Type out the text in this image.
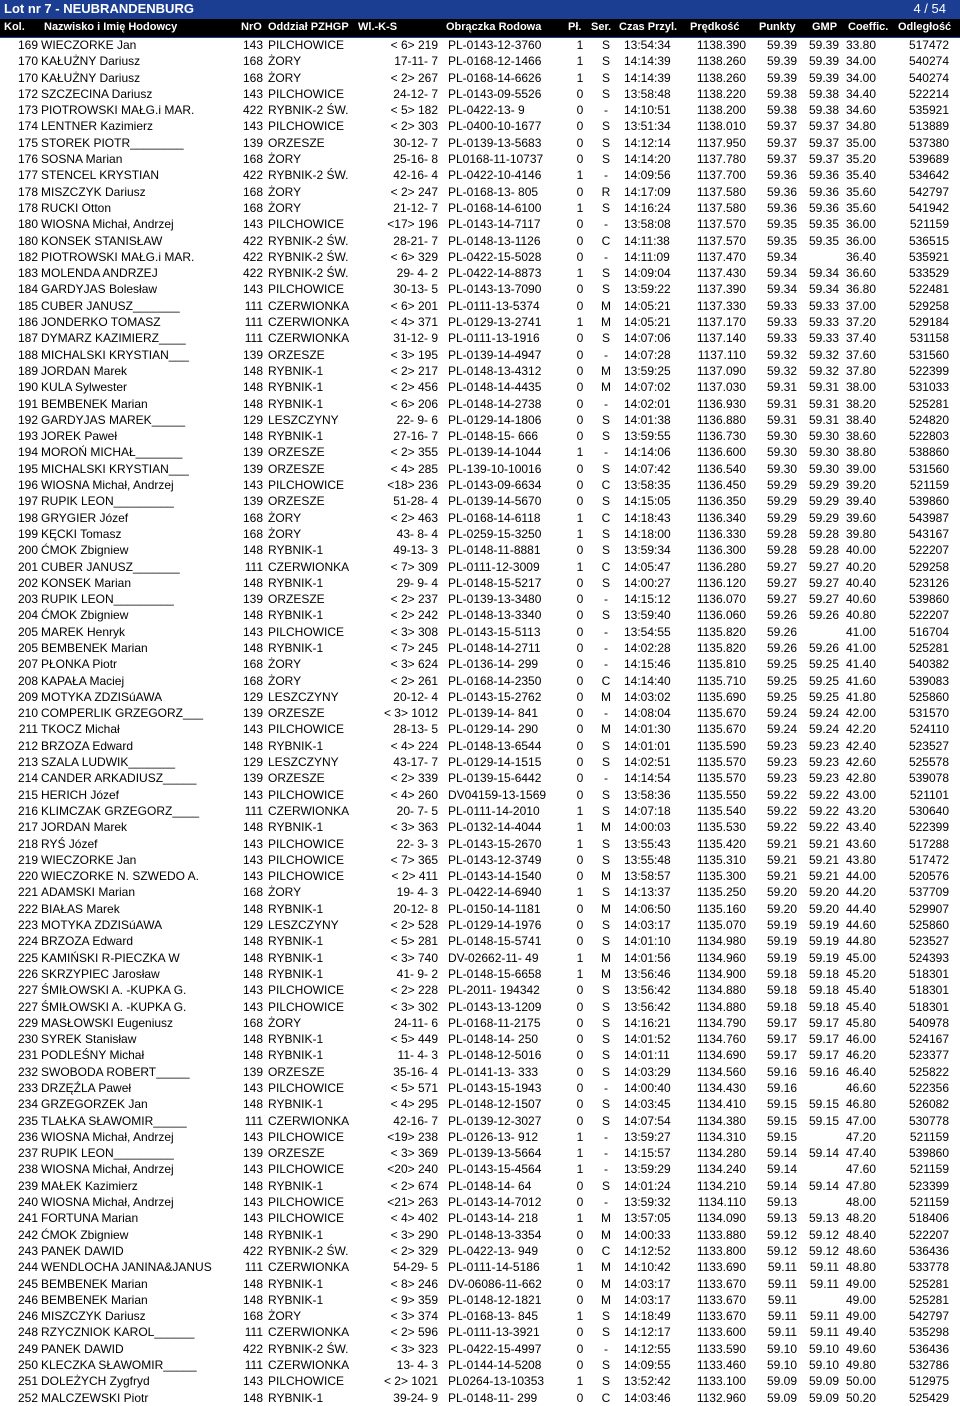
Lot nr 7 - NEUBRANDENBURG	4 / 54
Kol. Nazwisko i Imię Hodowcy	NrO Oddział PZHGP Wl.-K-S	Obrączka Rodowa Pł. Ser. Czas Przyl. Prędkość Punkty GMP Coeffic. Odległość
169 WIECZORKE Jan	143 PILCHOWICE	< 6> 219 PL-0143-12-3760	1 S 13:54:34	1138.390	59.39 59.39 33.80	517472
170 KAŁUŻNY Dariusz	168 ŻORY	17-11- 7 PL-0168-12-1466	1 S 14:14:39	1138.260	59.39 59.39 34.00	540274
170 KAŁUŻNY Dariusz	168 ŻORY	< 2> 267 PL-0168-14-6626	1 S 14:14:39	1138.260	59.39 59.39 34.00	540274
172 SZCZECINA Dariusz	143 PILCHOWICE	24-12- 7 PL-0143-09-5526	0 S 13:58:48	1138.220	59.38 59.38 34.40	522214
173 PIOTROWSKI MAŁG.i MAR.	422 RYBNIK-2 ŚW.	< 5> 182 PL-0422-13- 9	0	-	14:10:51	1138.200	59.38 59.38 34.60	535921
174 LENTNER Kazimierz	143 PILCHOWICE	< 2> 303 PL-0400-10-1677	0 S 13:51:34	1138.010	59.37 59.37 34.80	513889
175 STOREK PIOTR________	139 ORZESZE	30-12- 7 PL-0139-13-5683	0 S 14:12:14	1137.950	59.37 59.37 35.00	537380
176 SOSNA Marian	168 ŻORY	25-16- 8 PL0168-11-10737	0 S 14:14:20	1137.780	59.37 59.37 35.20	539689
177 STENCEL KRYSTIAN	422 RYBNIK-2 ŚW.	42-16- 4 PL-0422-10-4146	1	-	14:09:56	1137.700	59.36 59.36 35.40	534642
178 MISZCZYK Dariusz	168 ŻORY	< 2> 247 PL-0168-13- 805	0 R 14:17:09	1137.580	59.36 59.36 35.60	542797
178 RUCKI Otton	168 ŻORY	21-12- 7 PL-0168-14-6100	1 S 14:16:24	1137.580	59.36 59.36 35.60	541942
180 WIOSNA Michał, Andrzej	143 PILCHOWICE	<17> 196 PL-0143-14-7117	0	-	13:58:08	1137.570	59.35 59.35 36.00	521159
180 KONSEK STANISŁAW	422 RYBNIK-2 ŚW.	28-21- 7 PL-0148-13-1126	0 C 14:11:38	1137.570	59.35 59.35 36.00	536515
182 PIOTROWSKI MAŁG.i MAR.	422 RYBNIK-2 ŚW.	< 6> 329 PL-0422-15-5028	0	-	14:11:09	1137.470	59.34	36.40	535921
183 MOLENDA ANDRZEJ	422 RYBNIK-2 ŚW.	29- 4- 2 PL-0422-14-8873	1 S 14:09:04	1137.430	59.34 59.34 36.60	533529
184 GARDYJAS Bolesław	143 PILCHOWICE	30-13- 5 PL-0143-13-7090	0 S 13:59:22	1137.390	59.34 59.34 36.80	522481
185 CUBER JANUSZ_______	111 CZERWIONKA	< 6> 201 PL-0111-13-5374	0 M 14:05:21	1137.330	59.33 59.33 37.00	529258
186 JONDERKO TOMASZ	111 CZERWIONKA	< 4> 371 PL-0129-13-2741	1 M 14:05:21	1137.170	59.33 59.33 37.20	529184
187 DYMARZ KAZIMIERZ____	111 CZERWIONKA	31-12- 9 PL-0111-13-1916	0 S 14:07:06	1137.140	59.33 59.33 37.40	531158
188 MICHALSKI KRYSTIAN___	139 ORZESZE	< 3> 195 PL-0139-14-4947	0	-	14:07:28	1137.110	59.32 59.32 37.60	531560
189 JORDAN Marek	148 RYBNIK-1	< 2> 217 PL-0148-13-4312	0 M 13:59:25	1137.090	59.32 59.32 37.80	522399
190 KULA Sylwester	148 RYBNIK-1	< 2> 456 PL-0148-14-4435	0 M 14:07:02	1137.030	59.31 59.31 38.00	531033
191 BEMBENEK Marian	148 RYBNIK-1	< 6> 206 PL-0148-14-2738	0	-	14:02:01	1136.930	59.31 59.31 38.20	525281
192 GARDYJAS MAREK_____	129 LESZCZYNY	22- 9- 6 PL-0129-14-1806	0 S 14:01:38	1136.880	59.31 59.31 38.40	524820
193 JOREK Paweł	148 RYBNIK-1	27-16- 7 PL-0148-15- 666	0 S 13:59:55	1136.730	59.30 59.30 38.60	522803
194 MOROŃ MICHAŁ_______	139 ORZESZE	< 2> 355 PL-0139-14-1044	1	-	14:14:06	1136.600	59.30 59.30 38.80	538860
195 MICHALSKI KRYSTIAN___	139 ORZESZE	< 4> 285 PL-139-10-10016	0 S 14:07:42	1136.540	59.30 59.30 39.00	531560
196 WIOSNA Michał, Andrzej	143 PILCHOWICE	<18> 236 PL-0143-09-6634	0 C 13:58:35	1136.450	59.29 59.29 39.20	521159
197 RUPIK LEON_________	139 ORZESZE	51-28- 4 PL-0139-14-5670	0 S 14:15:05	1136.350	59.29 59.29 39.40	539860
198 GRYGIER Józef	168 ŻORY	< 2> 463 PL-0168-14-6118	1 C 14:18:43	1136.340	59.29 59.29 39.60	543987
199 KĘCKI Tomasz	168 ŻORY	43- 8- 4 PL-0259-15-3250	1 S 14:18:00	1136.330	59.28 59.28 39.80	543167
200 ĆMOK Zbigniew	148 RYBNIK-1	49-13- 3 PL-0148-11-8881	0 S 13:59:34	1136.300	59.28 59.28 40.00	522207
201 CUBER JANUSZ_______	111 CZERWIONKA	< 7> 309 PL-0111-12-3009	1 C 14:05:47	1136.280	59.27 59.27 40.20	529258
202 KONSEK Marian	148 RYBNIK-1	29- 9- 4 PL-0148-15-5217	0 S 14:00:27	1136.120	59.27 59.27 40.40	523126
203 RUPIK LEON_________	139 ORZESZE	< 2> 237 PL-0139-13-3480	0	-	14:15:12	1136.070	59.27 59.27 40.60	539860
204 ĆMOK Zbigniew	148 RYBNIK-1	< 2> 242 PL-0148-13-3340	0 S 13:59:40	1136.060	59.26 59.26 40.80	522207
205 MAREK Henryk	143 PILCHOWICE	< 3> 308 PL-0143-15-5113	0	-	13:54:55	1135.820	59.26	41.00	516704
205 BEMBENEK Marian	148 RYBNIK-1	< 7> 245 PL-0148-14-2711	0	-	14:02:28	1135.820	59.26 59.26 41.00	525281
207 PŁONKA Piotr	168 ŻORY	< 3> 624 PL-0136-14- 299	0	-	14:15:46	1135.810	59.25 59.25 41.40	540382
208 KAPAŁA Maciej	168 ŻORY	< 2> 261 PL-0168-14-2350	0 C 14:14:40	1135.710	59.25 59.25 41.60	539083
209 MOTYKA ZDZISúAWA	129 LESZCZYNY	20-12- 4 PL-0143-15-2762	0 M 14:03:02	1135.690	59.25 59.25 41.80	525860
210 COMPERLIK GRZEGORZ___	139 ORZESZE	< 3> 1012 PL-0139-14- 841	0	-	14:08:04	1135.670	59.24 59.24 42.00	531570
211 TKOCZ Michał	143 PILCHOWICE	28-13- 5 PL-0129-14- 290	0 M 14:01:30	1135.670	59.24 59.24 42.20	524110
212 BRZOZA Edward	148 RYBNIK-1	< 4> 224 PL-0148-13-6544	0 S 14:01:01	1135.590	59.23 59.23 42.40	523527
213 SZALA LUDWIK_______	129 LESZCZYNY	43-17- 7 PL-0129-14-1515	0 S 14:02:51	1135.570	59.23 59.23 42.60	525578
214 CANDER ARKADIUSZ_____	139 ORZESZE	< 2> 339 PL-0139-15-6442	0	-	14:14:54	1135.570	59.23 59.23 42.80	539078
215 HERICH Józef	143 PILCHOWICE	< 4> 260 DV04159-13-1569	0 S 13:58:36	1135.550	59.22 59.22 43.00	521101
216 KLIMCZAK GRZEGORZ____	111 CZERWIONKA	20- 7- 5 PL-0111-14-2010	1 S 14:07:18	1135.540	59.22 59.22 43.20	530640
217 JORDAN Marek	148 RYBNIK-1	< 3> 363 PL-0132-14-4044	1 M 14:00:03	1135.530	59.22 59.22 43.40	522399
218 RYŚ Józef	143 PILCHOWICE	22- 3- 3 PL-0143-15-2670	1 S 13:55:43	1135.420	59.21 59.21 43.60	517288
219 WIECZORKE Jan	143 PILCHOWICE	< 7> 365 PL-0143-12-3749	0 S 13:55:48	1135.310	59.21 59.21 43.80	517472
220 WIECZORKE N. SZWEDO A.	143 PILCHOWICE	< 2> 411 PL-0143-14-1540	0 M 13:58:57	1135.300	59.21 59.21 44.00	520576
221 ADAMSKI Marian	168 ŻORY	19- 4- 3 PL-0422-14-6940	1 S 14:13:37	1135.250	59.20 59.20 44.20	537709
222 BIAŁAS Marek	148 RYBNIK-1	20-12- 8 PL-0150-14-1181	0 M 14:06:50	1135.160	59.20 59.20 44.40	529907
223 MOTYKA ZDZISúAWA	129 LESZCZYNY	< 2> 528 PL-0129-14-1976	0 S 14:03:17	1135.070	59.19 59.19 44.60	525860
224 BRZOZA Edward	148 RYBNIK-1	< 5> 281 PL-0148-15-5741	0 S 14:01:10	1134.980	59.19 59.19 44.80	523527
225 KAMIŃSKI R-PIECZKA W	148 RYBNIK-1	< 3> 740 DV-02662-11- 49	1 M 14:01:56	1134.960	59.19 59.19 45.00	524393
226 SKRZYPIEC Jarosław	148 RYBNIK-1	41- 9- 2 PL-0148-15-6658	1 M 13:56:46	1134.900	59.18 59.18 45.20	518301
227 ŚMIŁOWSKI A. -KUPKA G.	143 PILCHOWICE	< 2> 228 PL-2011- 194342	0 S 13:56:42	1134.880	59.18 59.18 45.40	518301
227 ŚMIŁOWSKI A. -KUPKA G.	143 PILCHOWICE	< 3> 302 PL-0143-13-1209	0 S 13:56:42	1134.880	59.18 59.18 45.40	518301
229 MASŁOWSKI Eugeniusz	168 ŻORY	24-11- 6 PL-0168-11-2175	0 S 14:16:21	1134.790	59.17 59.17 45.80	540978
230 SYREK Stanisław	148 RYBNIK-1	< 5> 449 PL-0148-14- 250	0 S 14:01:52	1134.760	59.17 59.17 46.00	524167
231 PODLEŚNY Michał	148 RYBNIK-1	11- 4- 3 PL-0148-12-5016	0 S 14:01:11	1134.690	59.17 59.17 46.20	523377
232 SWOBODA ROBERT_____	139 ORZESZE	35-16- 4 PL-0141-13- 333	0 S 14:03:29	1134.560	59.16 59.16 46.40	525822
233 DRZĘŹLA Paweł	143 PILCHOWICE	< 5> 571 PL-0143-15-1943	0	-	14:00:40	1134.430	59.16	46.60	522356
234 GRZEGORZEK Jan	148 RYBNIK-1	< 4> 295 PL-0148-12-1507	0 S 14:03:45	1134.410	59.15 59.15 46.80	526082
235 TLAŁKA SŁAWOMIR_____	111 CZERWIONKA	42-16- 7 PL-0139-12-3027	0 S 14:07:54	1134.380	59.15 59.15 47.00	530778
236 WIOSNA Michał, Andrzej	143 PILCHOWICE	<19> 238 PL-0126-13- 912	1	-	13:59:27	1134.310	59.15	47.20	521159
237 RUPIK LEON_________	139 ORZESZE	< 3> 369 PL-0139-13-5664	1	-	14:15:57	1134.280	59.14 59.14 47.40	539860
238 WIOSNA Michał, Andrzej	143 PILCHOWICE	<20> 240 PL-0143-15-4564	1	-	13:59:29	1134.240	59.14	47.60	521159
239 MAŁEK Kazimierz	148 RYBNIK-1	< 2> 674 PL-0148-14- 64	0 S 14:01:24	1134.210	59.14 59.14 47.80	523399
240 WIOSNA Michał, Andrzej	143 PILCHOWICE	<21> 263 PL-0143-14-7012	0	-	13:59:32	1134.110	59.13	48.00	521159
241 FORTUNA Marian	143 PILCHOWICE	< 4> 402 PL-0143-14- 218	1 M 13:57:05	1134.090	59.13 59.13 48.20	518406
242 ĆMOK Zbigniew	148 RYBNIK-1	< 3> 290 PL-0148-13-3354	0 M 14:00:33	1133.880	59.12 59.12 48.40	522207
243 PANEK DAWID	422 RYBNIK-2 ŚW.	< 2> 329 PL-0422-13- 949	0 C 14:12:52	1133.800	59.12 59.12 48.60	536436
244 WENDLOCHA JANINA&JANUS	111 CZERWIONKA	54-29- 5 PL-0111-14-5186	1 M 14:10:42	1133.690	59.11	59.11 48.80	533778
245 BEMBENEK Marian	148 RYBNIK-1	< 8> 246 DV-06086-11-662	0 M 14:03:17	1133.670	59.11	59.11 49.00	525281
246 BEMBENEK Marian	148 RYBNIK-1	< 9> 359 PL-0148-12-1821	0 M 14:03:17	1133.670	59.11	49.00	525281
246 MISZCZYK Dariusz	168 ŻORY	< 3> 374 PL-0168-13- 845	1 S 14:18:49	1133.670	59.11	59.11 49.00	542797
248 RZYCZNIOK KAROL______	111 CZERWIONKA	< 2> 596 PL-0111-13-3921	0 S 14:12:17	1133.600	59.11	59.11 49.40	535298
249 PANEK DAWID	422 RYBNIK-2 ŚW.	< 3> 323 PL-0422-15-4997	0	-	14:12:55	1133.590	59.10 59.10 49.60	536436
250 KLECZKA SŁAWOMIR_____	111 CZERWIONKA	13- 4- 3 PL-0144-14-5208	0 S 14:09:55	1133.460	59.10 59.10 49.80	532786
251 DOLEŻYCH Zygfryd	143 PILCHOWICE	< 2> 1021 PL0264-13-10353	1 S 13:52:42	1133.100	59.09 59.09 50.00	512975
252 MALCZEWSKI Piotr	148 RYBNIK-1	39-24- 9 PL-0148-11- 299	0 C 14:03:46	1132.960	59.09 59.09 50.20	525429
